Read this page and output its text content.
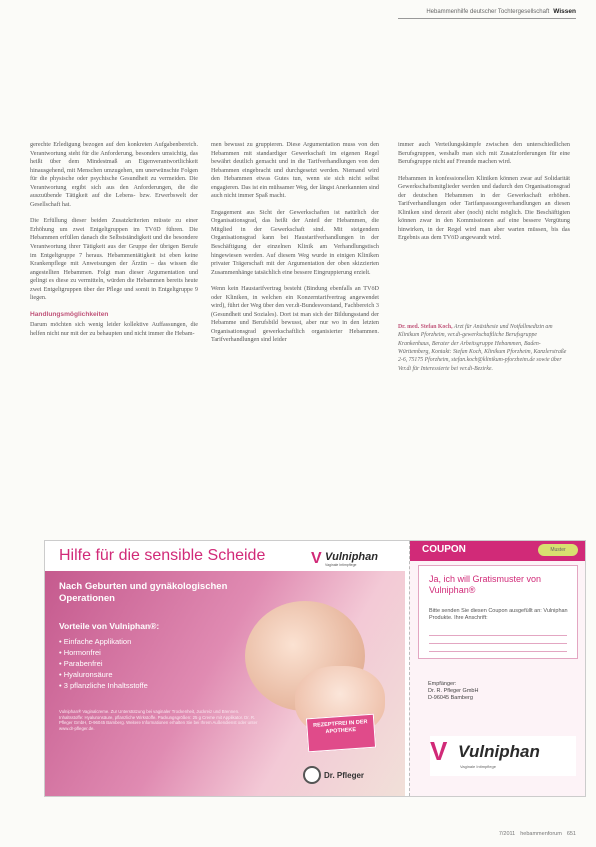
Hebammenhilfe deutscher Tochtergesellschaft Wissen

gerechte Erledigung bezogen auf den konkreten Aufgabenbereich. Verantwortung steht für die Anforderung, besonders umsichtig, das heißt über dem Mindestmaß an Eigenverantwortlichkeit hinausgehend, mit Menschen umzugehen, um unerwünschte Folgen für die physische oder psychische Gesundheit zu vermeiden. Die Verantwortung ergibt sich aus den Anforderungen, die die auszuübende Tätigkeit auf die Lebens- bzw. Erwerbswelt der Gesellschaft hat.

Die Erfüllung dieser beiden Zusatzkriterien müsste zu einer Erhöhung um zwei Entgeltgruppen im TVöD führen. Die Hebammen erfüllen danach die Selbstständigkeit und die besondere Verantwortung ihrer Tätigkeit aus der Gruppe der übrigen Berufe im Entgeltgruppe 7 heraus. Hebammentätigkeit ist eben keine Krankenpflege mit Anweisungen der Ärztin – das wissen die angestellten Hebammen. Folgt man dieser Argumentation und gelingt es diese zu vermitteln, würden die Hebammen bereits heute zwei Entgeltgruppen über der Pflege und somit in Entgeltgruppe 9 liegen.

Handlungsmöglichkeiten

Darum möchten sich wenig leider kollektive Auffassungen, die helfen nicht nur mit der zu behaupten und nicht immer die Hebam-

men bewusst zu gruppieren. Diese Argumentation muss von den Hebammen mit standardiger Gewerkschaft im eigenen Regel bewährt deutlich gemacht und in die Tarifverhandlungen von den Hebammen eingebracht und durchgesetzt werden. Niemand wird den Hebammen etwas Gutes tun, wenn sie sich nicht selbst engagieren. Das ist ein mühsamer Weg, der längst Anerkannten sind auch nicht immer Spaß macht.

Engagement aus Sicht der Gewerkschaften ist natürlich der Organisationsgrad, das heißt der Anteil der Hebammen, die Mitglied in der Gewerkschaft sind. Mit steigendem Organisationsgrad kann bei Haustarifverhandlungen in der Beschäftigung der einzelnen Klinik am Verhandlungstisch hingewiesen werden. Auf diesem Weg wurde in einigen Kliniken privater Trägerschaft mit der Argumentation der oben skizzierten Zusammenhänge tatsächlich eine bessere Eingruppierung erzielt.

Wenn kein Haustarifvertrag besteht (Bindung ebenfalls an TVöD oder Kliniken, in welchen ein Konzerntarifvertrag angewendet wird), führt der Weg über den ver.di-Bundesvorstand, Fachbereich 3 (Gesundheit und Soziales). Dort ist man sich der Bildungsstand der Hebamme und Berufsbild bewusst, aber nur wo in den letzten Organisationsgrad gewerkschaftlich organisierter Hebammen. Tarifverhandlungen sind leider

immer auch Verteilungskämpfe zwischen den unterschiedlichen Berufsgruppen, weshalb man sich mit Zusatzforderungen für eine Berufsgruppe nicht auf Freunde machen wird.

Hebammen in konfessionellen Kliniken können zwar auf Solidarität Gewerkschaftsmitglieder werden und dadurch den Organisationsgrad der deutschen Hebammen in der Gewerkschaft erhöhen. Tarifverhandlungen oder Tarifanpassungsverhandlungen an diesen Kliniken sind derzeit aber (noch) nicht möglich. Die Beschäftigten können zwar in den Kommissionen auf eine bessere Vergütung hinwirken, in der Regel wird man aber warten müssen, bis das Ergebnis aus dem TVöD angewandt wird.

Dr. med. Stefan Koch, Arzt für Anästhesie und Notfallmedizin am Klinikum Pforzheim, ver.di-gewerkschaftliche Berufsgruppe Krankenhaus, Berater der Arbeitsgruppe Hebammen, Baden-Württemberg, Kontakt: Stefan Koch, Klinikum Pforzheim, Kanzlerstraße 2-6, 75175 Pforzheim, stefan.koch@klinikum-pforzheim.de sowie über Ver.di für Interessierte bei ver.di-Bezirke.
Hilfe für die sensible Scheide	V Vulniphan
Vaginale Intimpflege
Nach Geburten und gynäkologischen Operationen
Vorteile von Vulniphan®:
• Einfache Applikation
• Hormonfrei
• Parabenfrei
• Hyaluronsäure
• 3 pflanzliche Inhaltsstoffe
Vulniphan® Vaginalcreme. Zur Unterstützung bei vaginaler Trockenheit, Juckreiz und Brennen. Inhaltsstoffe: Hyaluronsäure, pflanzliche Wirkstoffe. Packungsgrößen: 25 g Creme mit Applikator. Dr. R. Pfleger GmbH, D-96045 Bamberg. Weitere Informationen erhalten Sie bei Ihrem Außendienst oder unter www.dr-pfleger.de.	REZEPTFREI IN DER APOTHEKE
Dr. Pfleger
COUPON	Muster
Ja, ich will Gratismuster von Vulniphan®
Bitte senden Sie diesen Coupon ausgefüllt an: Vulniphan Produkte. Ihre Anschrift:
Empfänger:
Dr. R. Pfleger GmbH
D-96045 Bamberg
V Vulniphan
Vaginale Intimpflege
7/2011 hebammenforum 651
